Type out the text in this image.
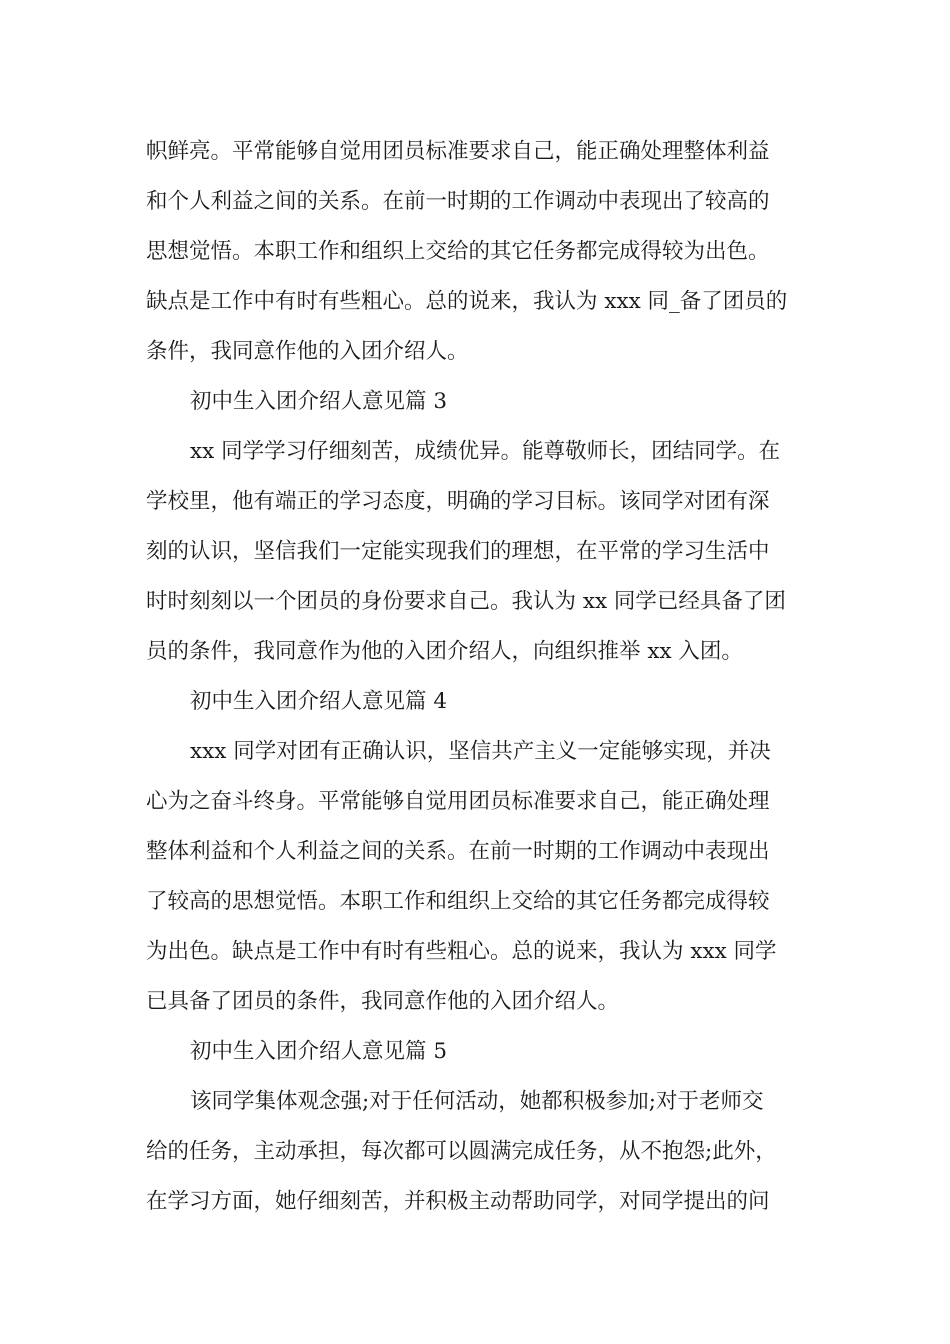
帜鲜亮。平常能够自觉用团员标准要求自己，能正确处理整体利益
和个人利益之间的关系。在前一时期的工作调动中表现出了较高的
思想觉悟。本职工作和组织上交给的其它任务都完成得较为出色。
缺点是工作中有时有些粗心。总的说来，我认为 xxx 同_备了团员的
条件，我同意作他的入团介绍人。
初中生入团介绍人意见篇 3
xx 同学学习仔细刻苦，成绩优异。能尊敬师长，团结同学。在
学校里，他有端正的学习态度，明确的学习目标。该同学对团有深
刻的认识，坚信我们一定能实现我们的理想，在平常的学习生活中
时时刻刻以一个团员的身份要求自己。我认为 xx 同学已经具备了团
员的条件，我同意作为他的入团介绍人，向组织推举 xx 入团。
初中生入团介绍人意见篇 4
xxx 同学对团有正确认识，坚信共产主义一定能够实现，并决
心为之奋斗终身。平常能够自觉用团员标准要求自己，能正确处理
整体利益和个人利益之间的关系。在前一时期的工作调动中表现出
了较高的思想觉悟。本职工作和组织上交给的其它任务都完成得较
为出色。缺点是工作中有时有些粗心。总的说来，我认为 xxx 同学
已具备了团员的条件，我同意作他的入团介绍人。
初中生入团介绍人意见篇 5
该同学集体观念强;对于任何活动，她都积极参加;对于老师交
给的任务，主动承担，每次都可以圆满完成任务，从不抱怨;此外，
在学习方面，她仔细刻苦，并积极主动帮助同学，对同学提出的问
